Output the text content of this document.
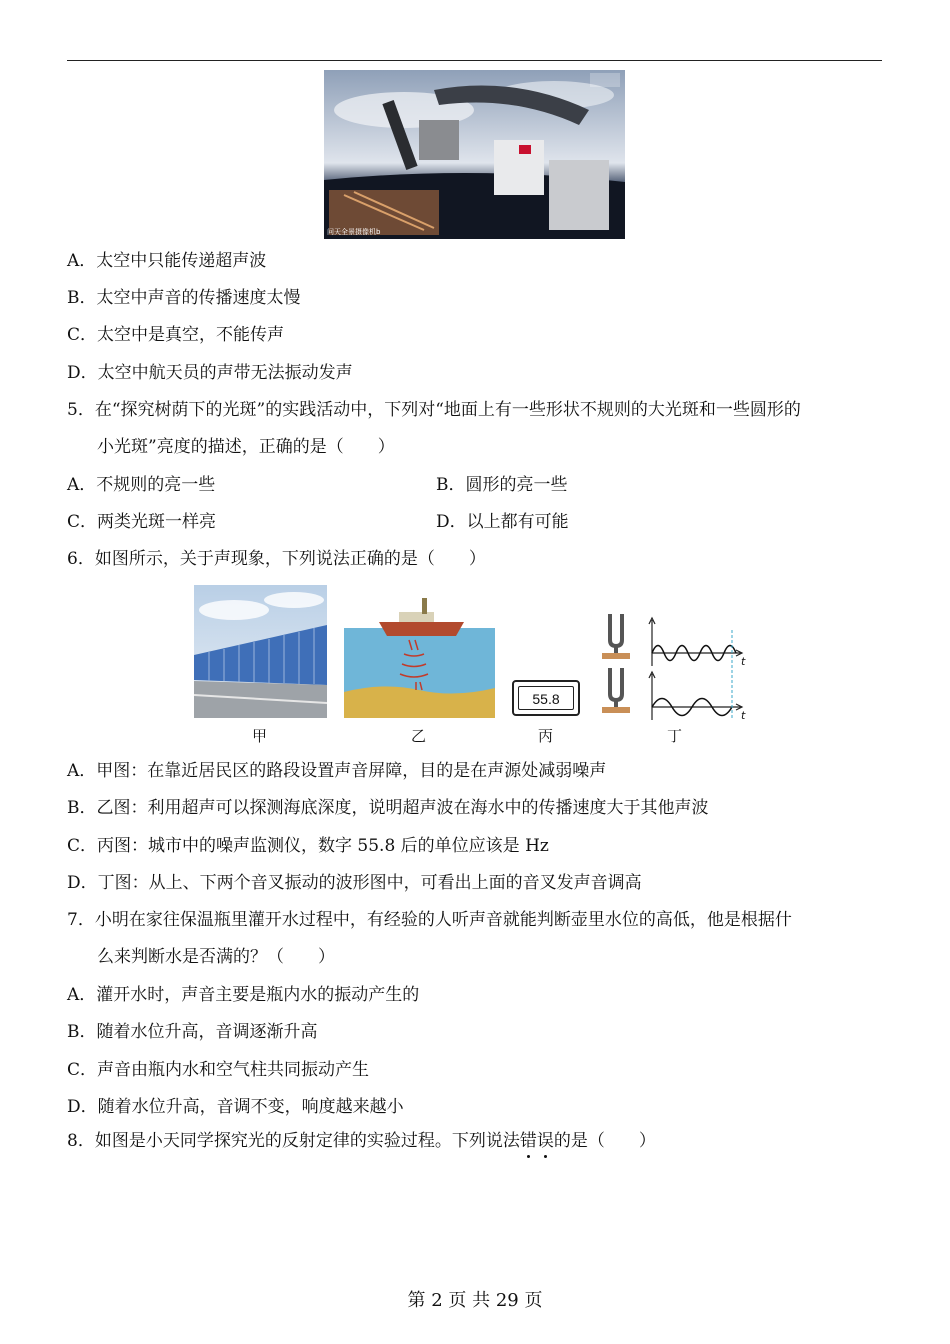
问天全景摄像机b
A．太空中只能传递超声波
B．太空中声音的传播速度太慢
C．太空中是真空，不能传声
D．太空中航天员的声带无法振动发声
5．在“探究树荫下的光斑”的实践活动中，下列对“地面上有一些形状不规则的大光斑和一些圆形的
小光斑”亮度的描述，正确的是（　　）
A．不规则的亮一些	B．圆形的亮一些
C．两类光斑一样亮	D．以上都有可能
6．如图所示，关于声现象，下列说法正确的是（　　）
55.8
t
t
甲	乙	丙	丁
A．甲图：在靠近居民区的路段设置声音屏障，目的是在声源处减弱噪声
B．乙图：利用超声可以探测海底深度，说明超声波在海水中的传播速度大于其他声波
C．丙图：城市中的噪声监测仪，数字 55.8 后的单位应该是 Hz
D．丁图：从上、下两个音叉振动的波形图中，可看出上面的音叉发声音调高
7．小明在家往保温瓶里灌开水过程中，有经验的人听声音就能判断壶里水位的高低，他是根据什
么来判断水是否满的？（　　）
A．灌开水时，声音主要是瓶内水的振动产生的
B．随着水位升高，音调逐渐升高
C．声音由瓶内水和空气柱共同振动产生
D．随着水位升高，音调不变，响度越来越小
8．如图是小天同学探究光的反射定律的实验过程。下列说法错误的是（　　）
第 2 页 共 29 页
